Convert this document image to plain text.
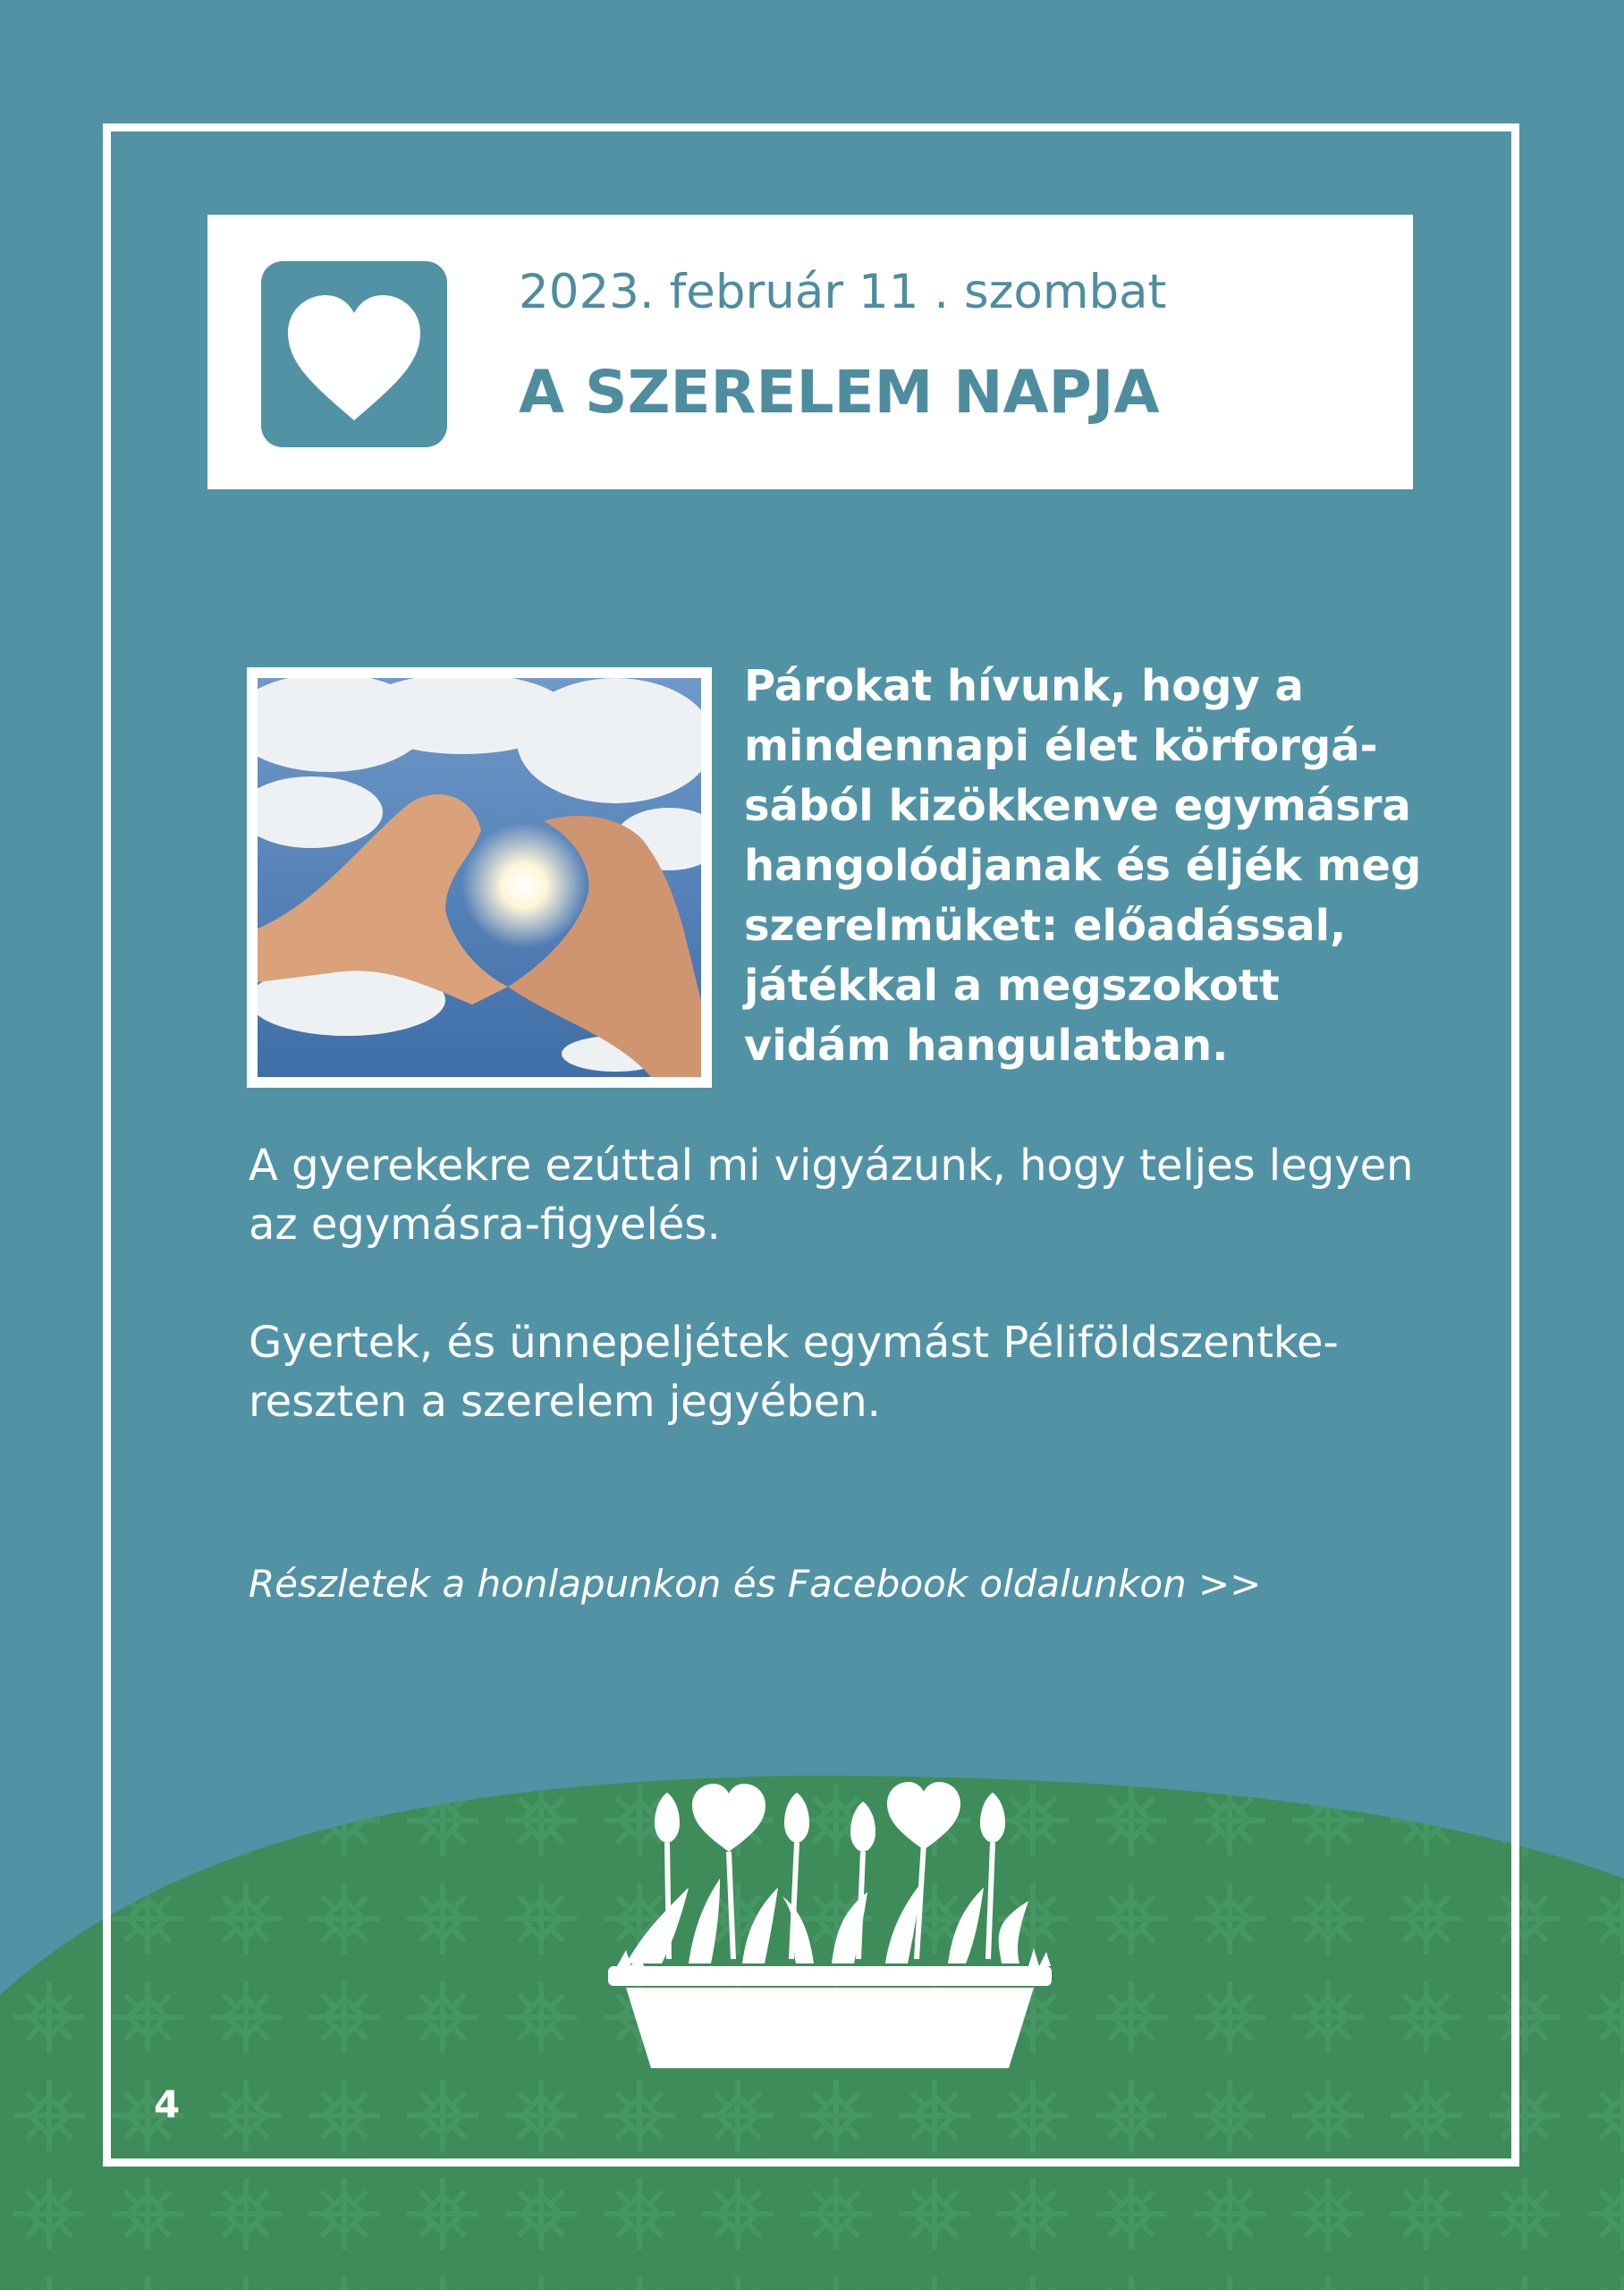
2023. február 11 . szombat
A SZERELEM NAPJA

Párokat hívunk, hogy a mindennapi élet körforgá-sából kizökkenve egymásra hangolódjanak és éljék meg szerelmüket: előadással, játékkal a megszokott vidám hangulatban.

A gyerekekre ezúttal mi vigyázunk, hogy teljes legyen az egymásra-figyelés.

Gyertek, és ünnepeljétek egymást Péliföldszentke-reszten a szerelem jegyében.

Részletek a honlapunkon és Facebook oldalunkon >>

4
